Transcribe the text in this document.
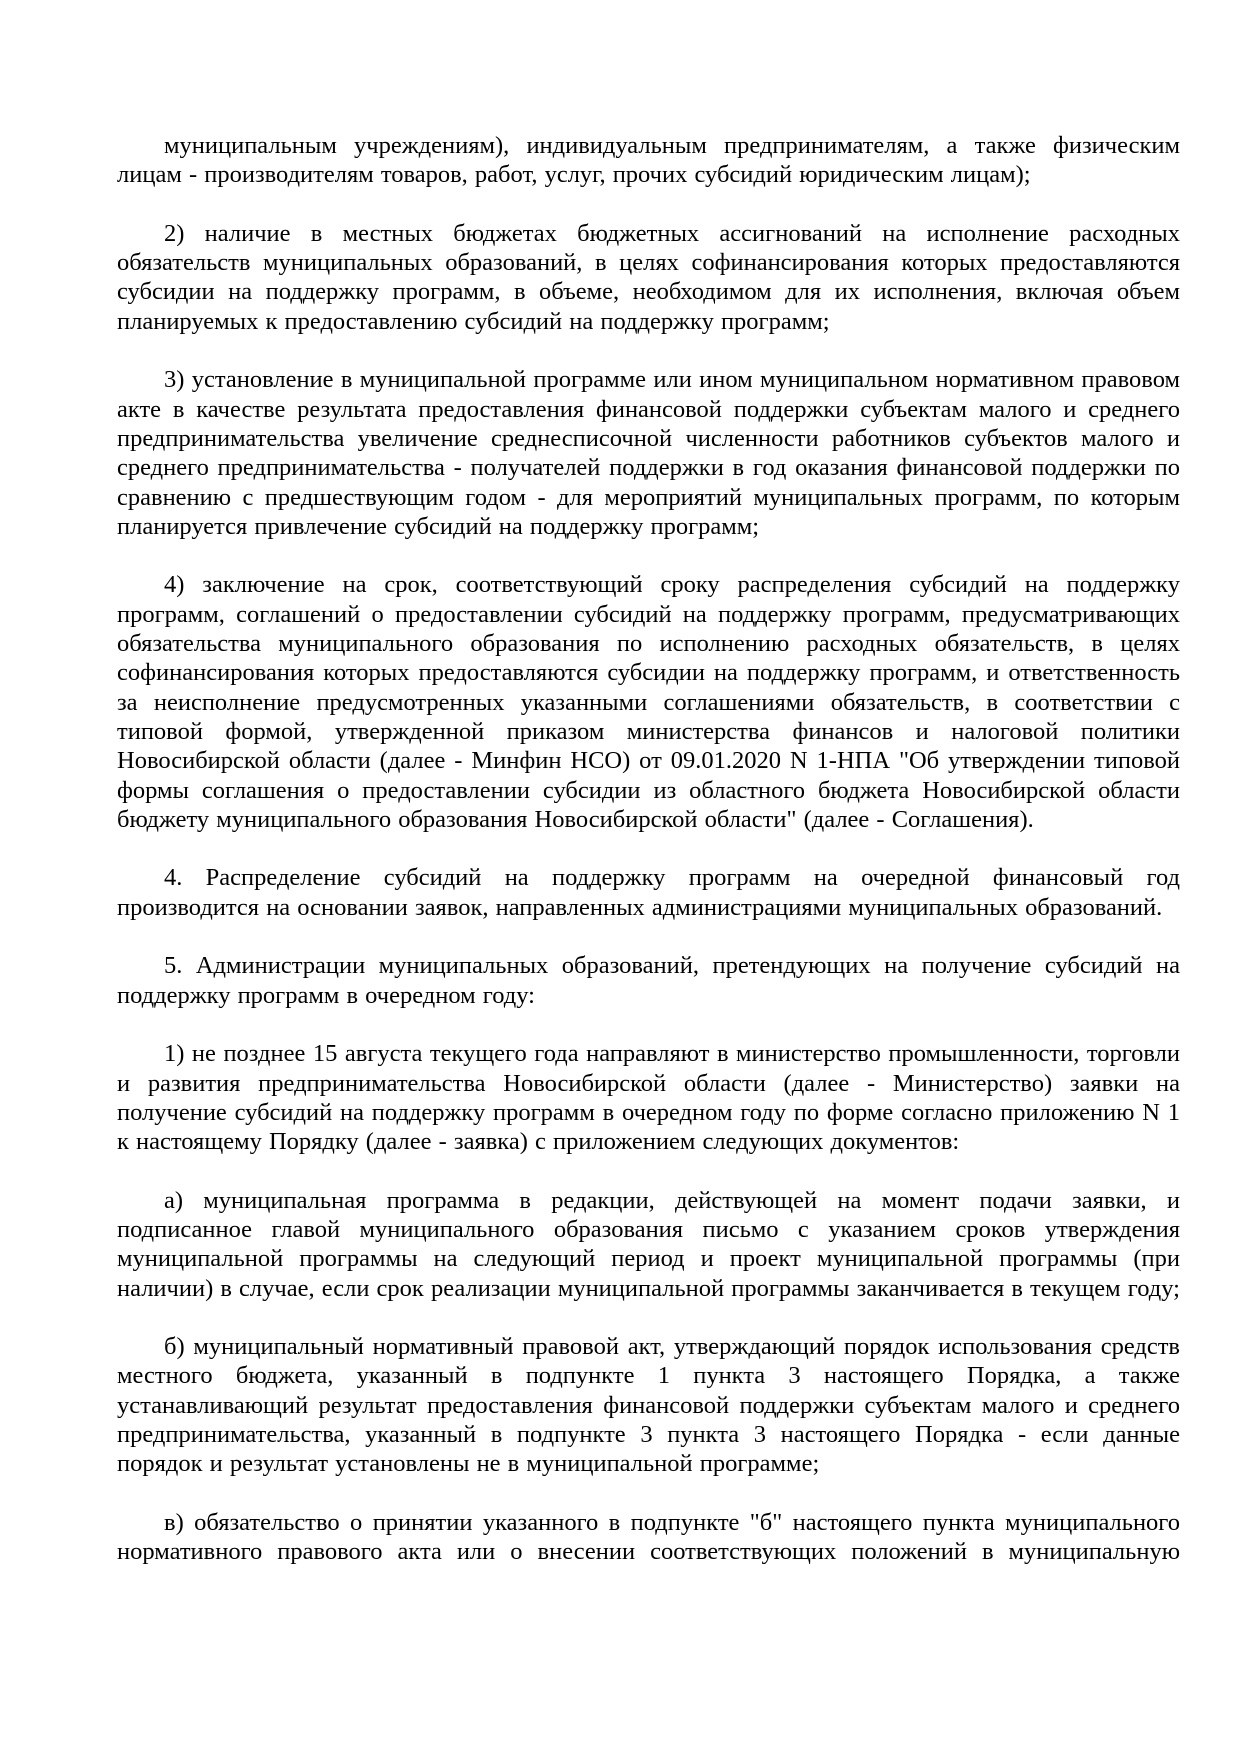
муниципальным учреждениям), индивидуальным предпринимателям, а также физическим лицам - производителям товаров, работ, услуг, прочих субсидий юридическим лицам);

2) наличие в местных бюджетах бюджетных ассигнований на исполнение расходных обязательств муниципальных образований, в целях софинансирования которых предоставляются субсидии на поддержку программ, в объеме, необходимом для их исполнения, включая объем планируемых к предоставлению субсидий на поддержку программ;

3) установление в муниципальной программе или ином муниципальном нормативном правовом акте в качестве результата предоставления финансовой поддержки субъектам малого и среднего предпринимательства увеличение среднесписочной численности работников субъектов малого и среднего предпринимательства - получателей поддержки в год оказания финансовой поддержки по сравнению с предшествующим годом - для мероприятий муниципальных программ, по которым планируется привлечение субсидий на поддержку программ;

4) заключение на срок, соответствующий сроку распределения субсидий на поддержку программ, соглашений о предоставлении субсидий на поддержку программ, предусматривающих обязательства муниципального образования по исполнению расходных обязательств, в целях софинансирования которых предоставляются субсидии на поддержку программ, и ответственность за неисполнение предусмотренных указанными соглашениями обязательств, в соответствии с типовой формой, утвержденной приказом министерства финансов и налоговой политики Новосибирской области (далее - Минфин НСО) от 09.01.2020 N 1-НПА "Об утверждении типовой формы соглашения о предоставлении субсидии из областного бюджета Новосибирской области бюджету муниципального образования Новосибирской области" (далее - Соглашения).

4. Распределение субсидий на поддержку программ на очередной финансовый год производится на основании заявок, направленных администрациями муниципальных образований.

5. Администрации муниципальных образований, претендующих на получение субсидий на поддержку программ в очередном году:

1) не позднее 15 августа текущего года направляют в министерство промышленности, торговли и развития предпринимательства Новосибирской области (далее - Министерство) заявки на получение субсидий на поддержку программ в очередном году по форме согласно приложению N 1 к настоящему Порядку (далее - заявка) с приложением следующих документов:

а) муниципальная программа в редакции, действующей на момент подачи заявки, и подписанное главой муниципального образования письмо с указанием сроков утверждения муниципальной программы на следующий период и проект муниципальной программы (при наличии) в случае, если срок реализации муниципальной программы заканчивается в текущем году;

б) муниципальный нормативный правовой акт, утверждающий порядок использования средств местного бюджета, указанный в подпункте 1 пункта 3 настоящего Порядка, а также устанавливающий результат предоставления финансовой поддержки субъектам малого и среднего предпринимательства, указанный в подпункте 3 пункта 3 настоящего Порядка - если данные порядок и результат установлены не в муниципальной программе;

в) обязательство о принятии указанного в подпункте "б" настоящего пункта муниципального нормативного правового акта или о внесении соответствующих положений в муниципальную
